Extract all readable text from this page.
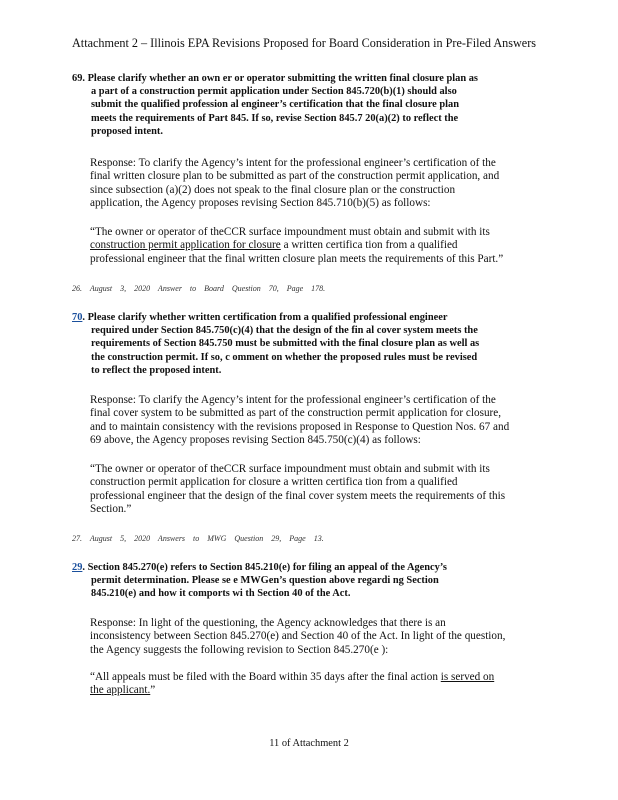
Attachment 2 – Illinois EPA Revisions Proposed for Board Consideration in Pre-Filed Answers
69. Please clarify whether an own er or operator submitting the written final closure plan as
a part of a construction permit application under Section 845.720(b)(1) should also
submit the qualified profession al engineer’s certification that the final closure plan
meets the requirements of Part 845. If so, revise Section 845.7 20(a)(2) to reflect the
proposed intent.
Response: To clarify the Agency’s intent for the professional engineer’s certification of the
final written closure plan to be submitted as part of the construction permit application, and
since subsection (a)(2) does not speak to the final closure plan or the construction
application, the Agency proposes revising Section 845.710(b)(5) as follows:
“The owner or operator of theCCR surface impoundment must obtain and submit with its
construction permit application for closure a written certifica tion from a qualified
professional engineer that the final written closure plan meets the requirements of this Part.”
26. August 3, 2020 Answer to Board Question 70, Page 178.
70. Please clarify whether written certification from a qualified professional engineer
required under Section 845.750(c)(4) that the design of the fin al cover system meets the
requirements of Section 845.750 must be submitted with the final closure plan as well as
the construction permit. If so, c omment on whether the proposed rules must be revised
to reflect the proposed intent.
Response: To clarify the Agency’s intent for the professional engineer’s certification of the
final cover system to be submitted as part of the construction permit application for closure,
and to maintain consistency with the revisions proposed in Response to Question Nos. 67 and
69 above, the Agency proposes revising Section 845.750(c)(4) as follows:
“The owner or operator of theCCR surface impoundment must obtain and submit with its
construction permit application for closure a written certifica tion from a qualified
professional engineer that the design of the final cover system meets the requirements of this
Section.”
27. August 5, 2020 Answers to MWG Question 29, Page 13.
29. Section 845.270(e) refers to Section 845.210(e) for filing an appeal of the Agency’s
permit determination. Please se e MWGen’s question above regardi ng Section
845.210(e) and how it comports wi th Section 40 of the Act.
Response: In light of the questioning, the Agency acknowledges that there is an
inconsistency between Section 845.270(e) and Section 40 of the Act. In light of the question,
the Agency suggests the following revision to Section 845.270(e ):
“All appeals must be filed with the Board within 35 days after the final action is served on
the applicant.”
11 of Attachment 2
